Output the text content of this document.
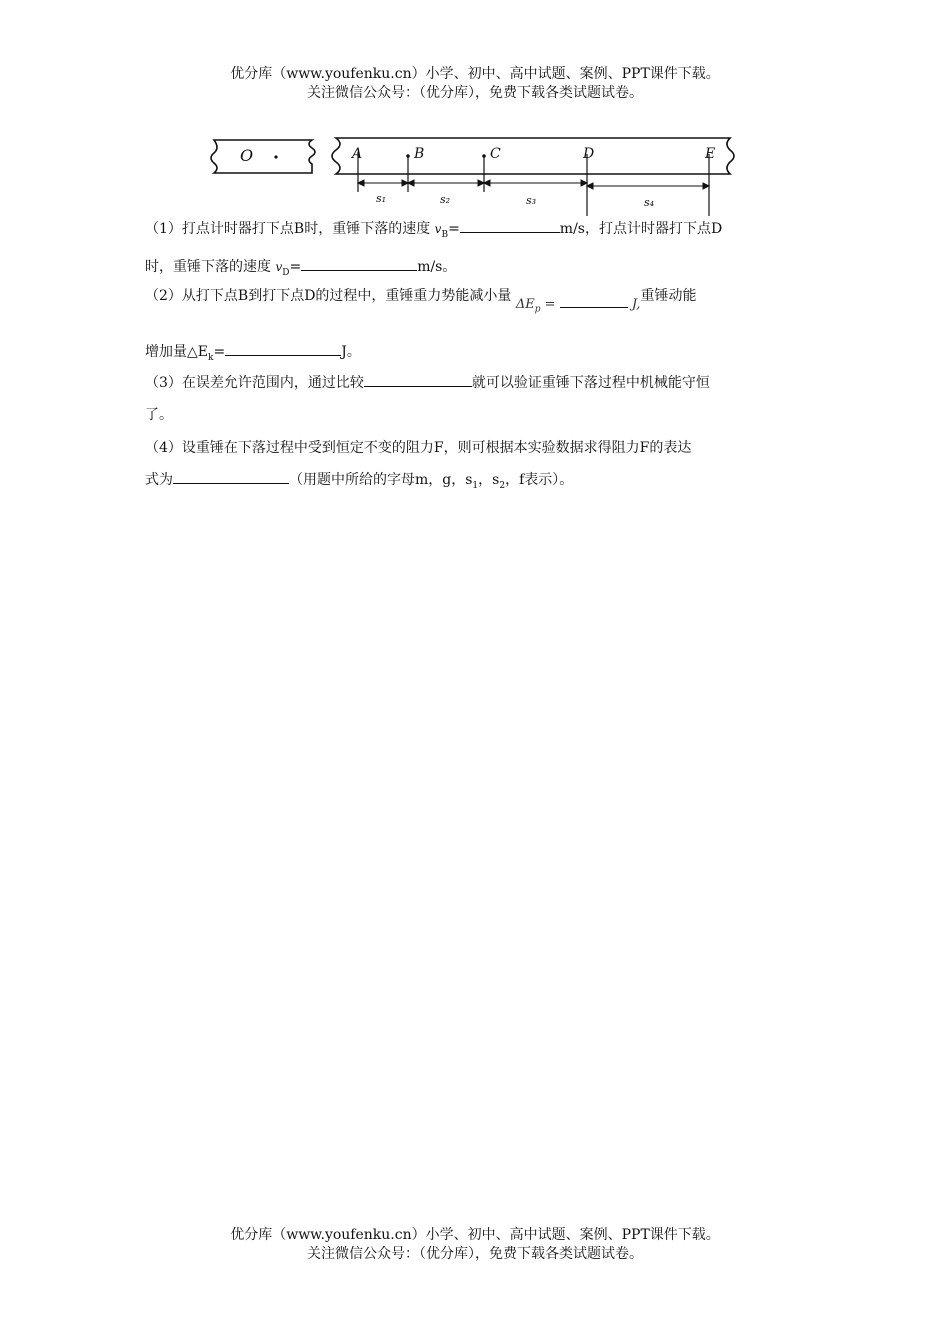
优分库（www.youfenku.cn）小学、初中、高中试题、案例、PPT课件下载。
关注微信公众号：（优分库），免费下载各类试题试卷。
O	A	B	C	D	E
s₁	s₂	s₃	s₄
（1）打点计时器打下点B时，重锤下落的速度 $v_B=$	m/s，打点计时器打下点D
时，重锤下落的速度 $v_D=$	m/s。
（2）从打下点B到打下点D的过程中，重锤重力势能减小量 $\Delta E_p$ =	J,重锤动能
增加量$\triangle E_k=$	J。
（3）在误差允许范围内，通过比较	就可以验证重锤下落过程中机械能守恒
了。
（4）设重锤在下落过程中受到恒定不变的阻力F，则可根据本实验数据求得阻力F的表达
式为	（用题中所给的字母m，g，$s_1$，$s_2$，f表示）。
优分库（www.youfenku.cn）小学、初中、高中试题、案例、PPT课件下载。
关注微信公众号：（优分库），免费下载各类试题试卷。
